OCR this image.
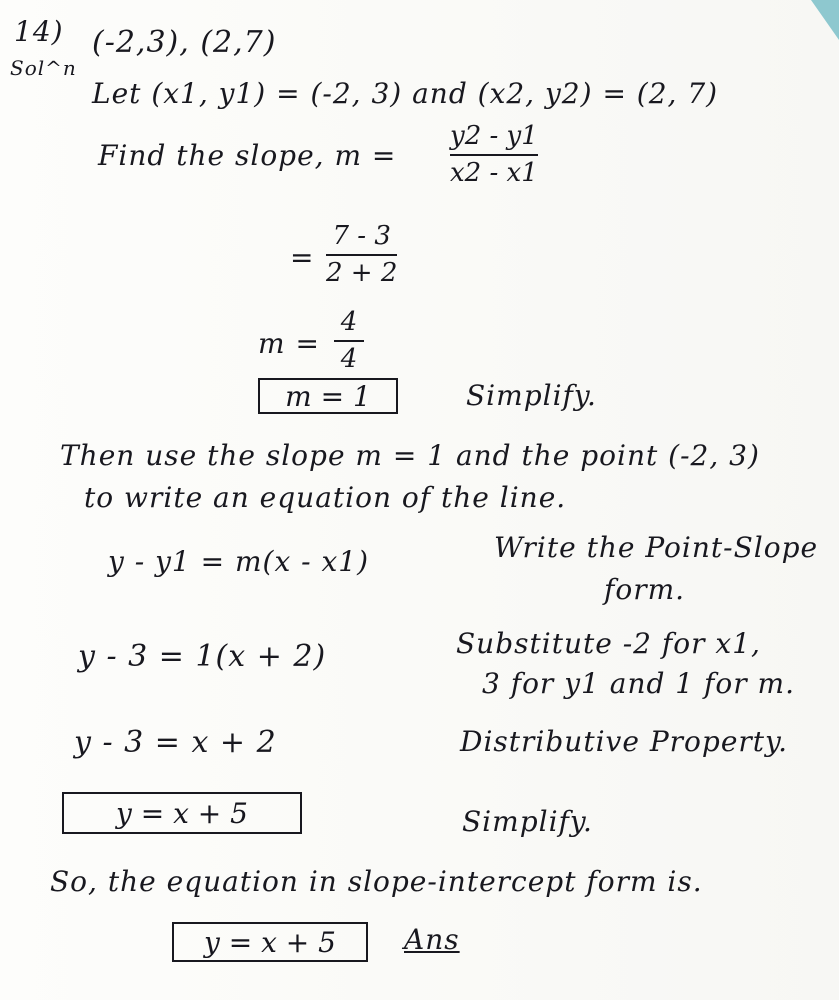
14) (-2,3), (2,7)
Sol^n
Let (x1, y1) = (-2, 3) and (x2, y2) = (2, 7)
Find the slope, m =
y2 - y1
x2 - x1
=
7 - 3
2 + 2
m =
4
4
m = 1	Simplify.
Then use the slope m = 1 and the point (-2, 3)
to write an equation of the line.
y - y1 = m(x - x1)	Write the Point-Slope
form.
y - 3 = 1(x + 2)	Substitute -2 for x1,
3 for y1 and 1 for m.
y - 3 = x + 2	Distributive Property.
y = x + 5	Simplify.
So, the equation in slope-intercept form is.
y = x + 5	Ans
